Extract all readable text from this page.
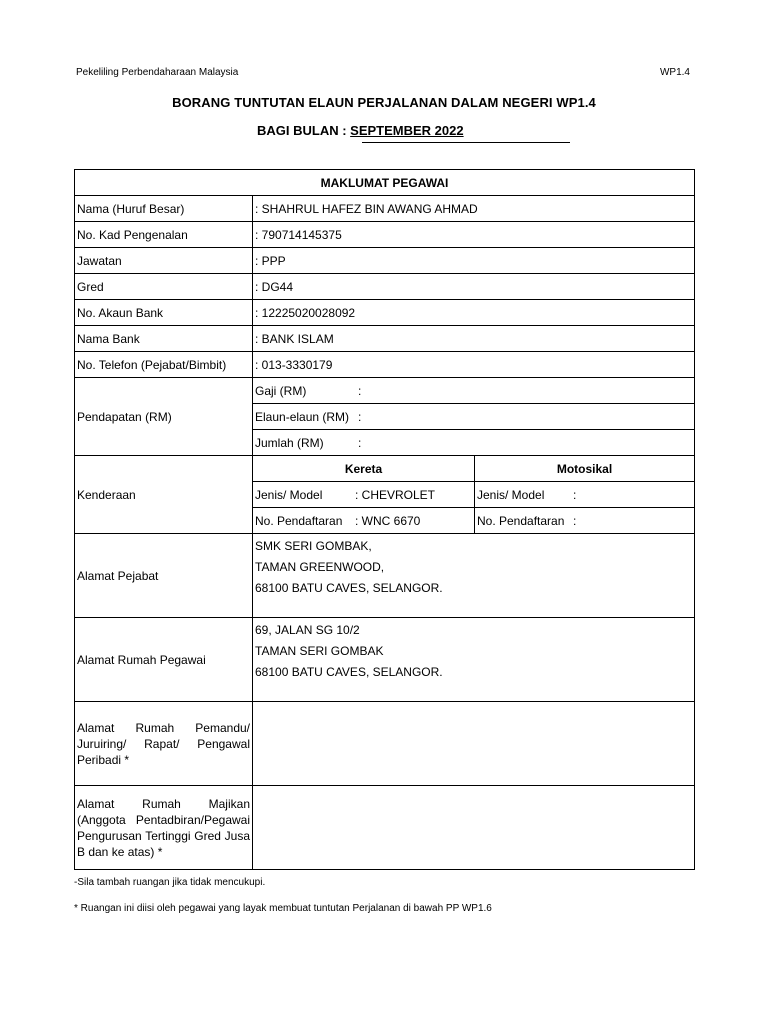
Pekeliling Perbendaharaan Malaysia	WP1.4
BORANG TUNTUTAN ELAUN PERJALANAN DALAM NEGERI WP1.4
BAGI BULAN : SEPTEMBER 2022
MAKLUMAT PEGAWAI		
Nama (Huruf Besar)	: SHAHRUL HAFEZ BIN AWANG AHMAD	
No. Kad Pengenalan	: 790714145375	
Jawatan	: PPP	
Gred	: DG44	
No. Akaun Bank	: 12225020028092	
Nama Bank	: BANK ISLAM	
No. Telefon (Pejabat/Bimbit)	: 013-3330179	
Pendapatan (RM)	Gaji (RM) :	
	Elaun-elaun (RM) :	
	Jumlah (RM) :	
Kenderaan	Kereta	Motosikal
	Jenis/ Model : CHEVROLET	Jenis/ Model :
	No. Pendaftaran : WNC 6670	No. Pendaftaran :
Alamat Pejabat	SMK SERI GOMBAK,
TAMAN GREENWOOD,
68100 BATU CAVES, SELANGOR.	

Alamat Rumah Pegawai	69, JALAN SG 10/2
TAMAN SERI GOMBAK
68100 BATU CAVES, SELANGOR.	

Alamat Rumah Pemandu/ Juruiring/ Rapat/ Pengawal Peribadi *		
Alamat Rumah Majikan (Anggota Pentadbiran/Pegawai Pengurusan Tertinggi Gred Jusa B dan ke atas) *		
-Sila tambah ruangan jika tidak mencukupi.
* Ruangan ini diisi oleh pegawai yang layak membuat tuntutan Perjalanan di bawah PP WP1.6
